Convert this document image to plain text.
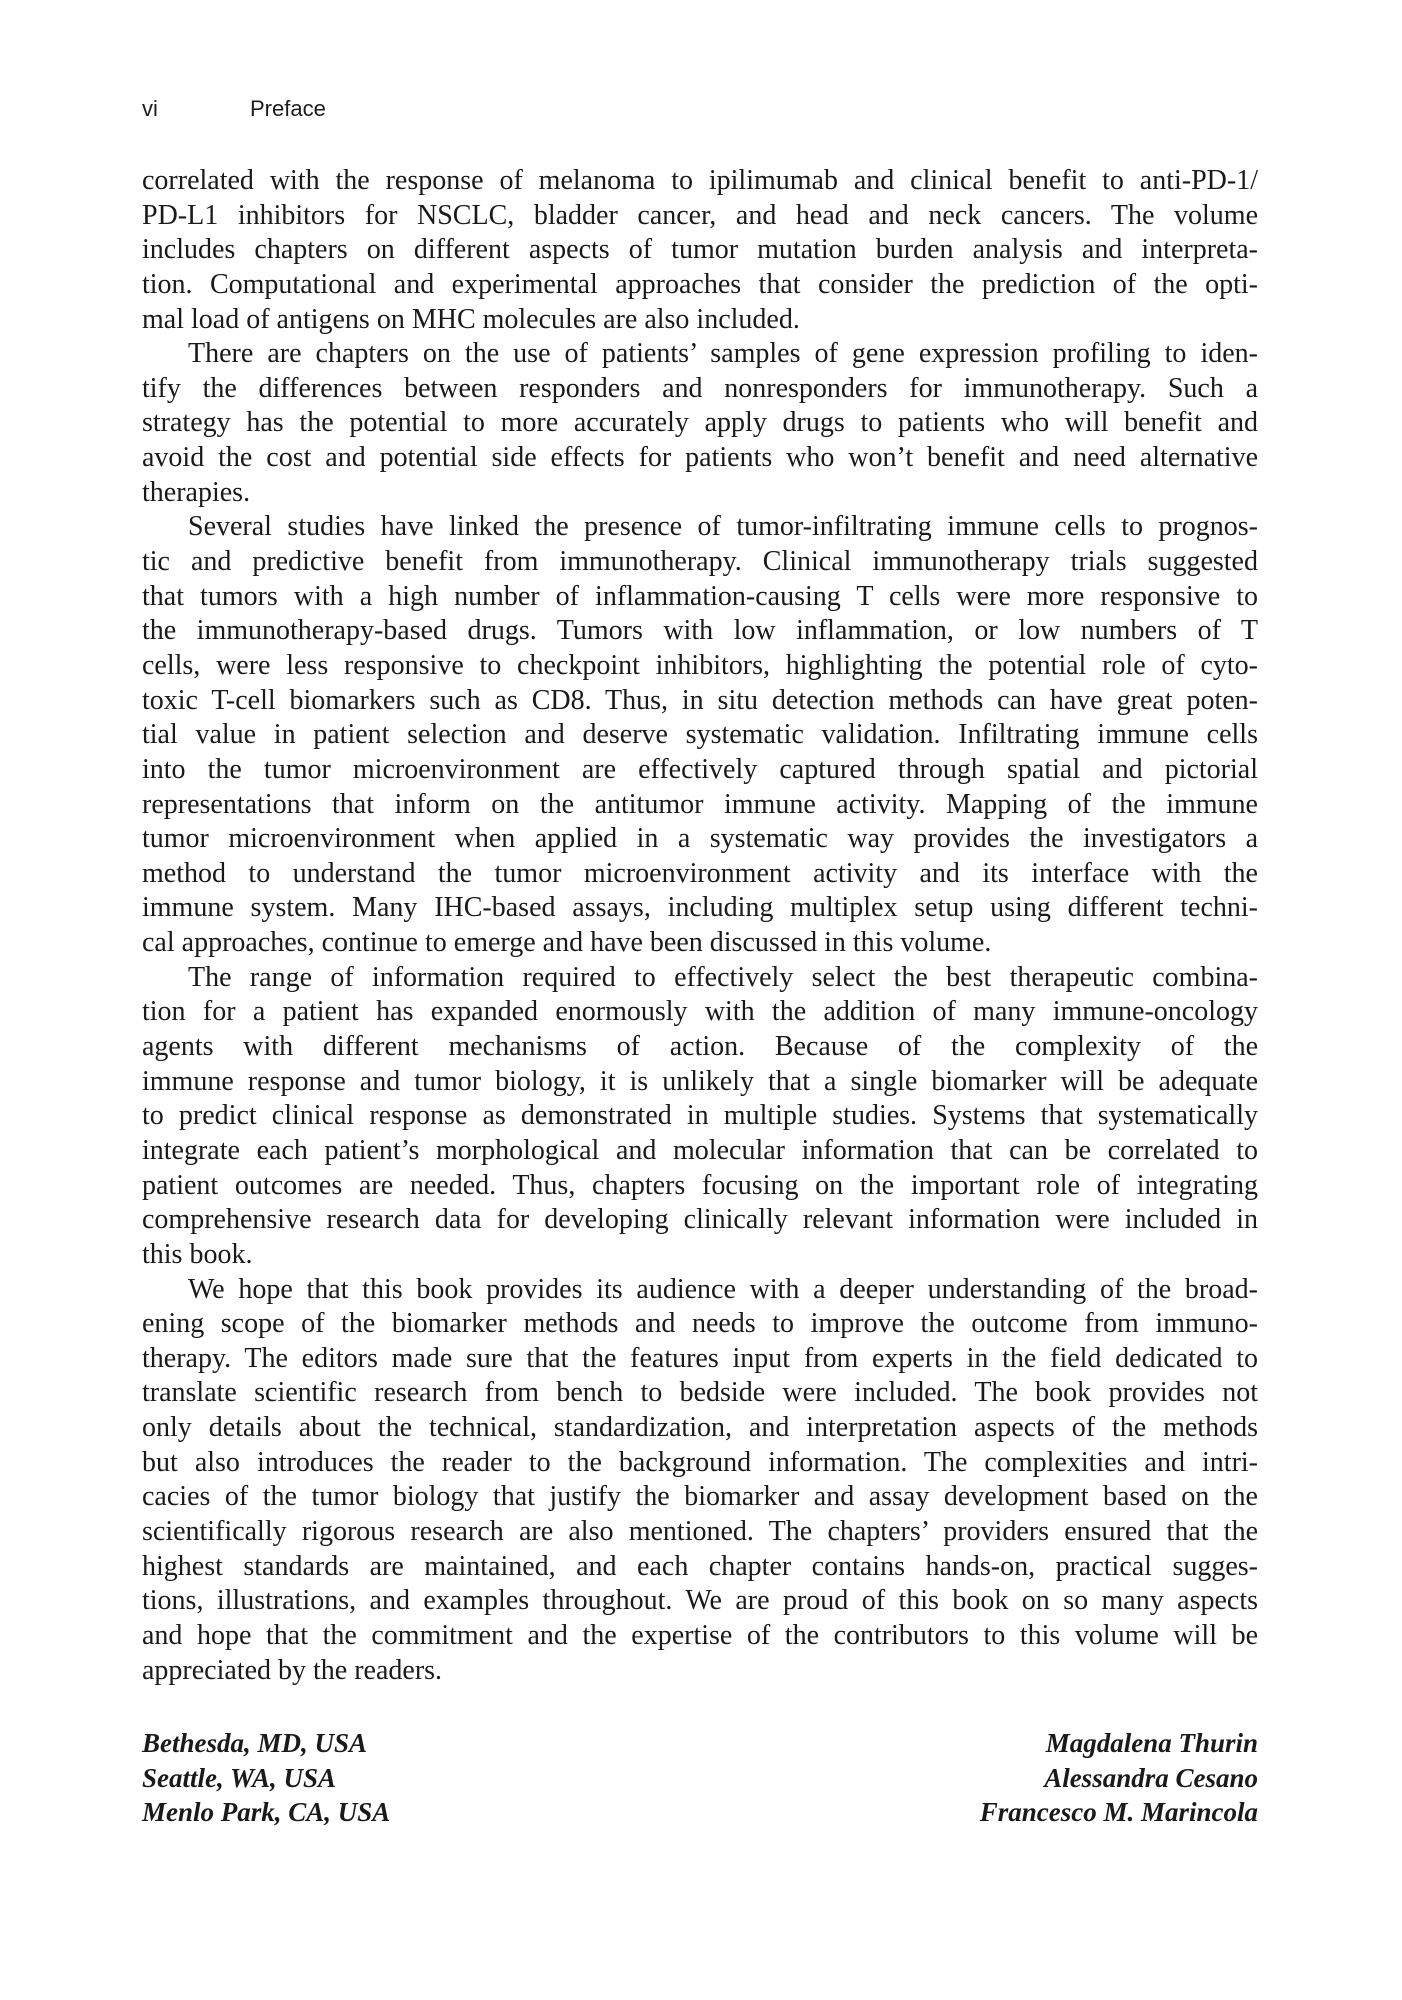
vi	Preface
correlated with the response of melanoma to ipilimumab and clinical benefit to anti-PD-1/
PD-L1 inhibitors for NSCLC, bladder cancer, and head and neck cancers. The volume
includes chapters on different aspects of tumor mutation burden analysis and interpreta-
tion. Computational and experimental approaches that consider the prediction of the opti-
mal load of antigens on MHC molecules are also included.
There are chapters on the use of patients’ samples of gene expression profiling to iden-
tify the differences between responders and nonresponders for immunotherapy. Such a
strategy has the potential to more accurately apply drugs to patients who will benefit and
avoid the cost and potential side effects for patients who won’t benefit and need alternative
therapies.
Several studies have linked the presence of tumor-infiltrating immune cells to prognos-
tic and predictive benefit from immunotherapy. Clinical immunotherapy trials suggested
that tumors with a high number of inflammation-causing T cells were more responsive to
the immunotherapy-based drugs. Tumors with low inflammation, or low numbers of T
cells, were less responsive to checkpoint inhibitors, highlighting the potential role of cyto-
toxic T-cell biomarkers such as CD8. Thus, in situ detection methods can have great poten-
tial value in patient selection and deserve systematic validation. Infiltrating immune cells
into the tumor microenvironment are effectively captured through spatial and pictorial
representations that inform on the antitumor immune activity. Mapping of the immune
tumor microenvironment when applied in a systematic way provides the investigators a
method to understand the tumor microenvironment activity and its interface with the
immune system. Many IHC-based assays, including multiplex setup using different techni-
cal approaches, continue to emerge and have been discussed in this volume.
The range of information required to effectively select the best therapeutic combina-
tion for a patient has expanded enormously with the addition of many immune-oncology
agents with different mechanisms of action. Because of the complexity of the
immune response and tumor biology, it is unlikely that a single biomarker will be adequate
to predict clinical response as demonstrated in multiple studies. Systems that systematically
integrate each patient’s morphological and molecular information that can be correlated to
patient outcomes are needed. Thus, chapters focusing on the important role of integrating
comprehensive research data for developing clinically relevant information were included in
this book.
We hope that this book provides its audience with a deeper understanding of the broad-
ening scope of the biomarker methods and needs to improve the outcome from immuno-
therapy. The editors made sure that the features input from experts in the field dedicated to
translate scientific research from bench to bedside were included. The book provides not
only details about the technical, standardization, and interpretation aspects of the methods
but also introduces the reader to the background information. The complexities and intri-
cacies of the tumor biology that justify the biomarker and assay development based on the
scientifically rigorous research are also mentioned. The chapters’ providers ensured that the
highest standards are maintained, and each chapter contains hands-on, practical sugges-
tions, illustrations, and examples throughout. We are proud of this book on so many aspects
and hope that the commitment and the expertise of the contributors to this volume will be
appreciated by the readers.
Bethesda, MD, USA
Seattle, WA, USA
Menlo Park, CA, USA
Magdalena Thurin
Alessandra Cesano
Francesco M. Marincola
